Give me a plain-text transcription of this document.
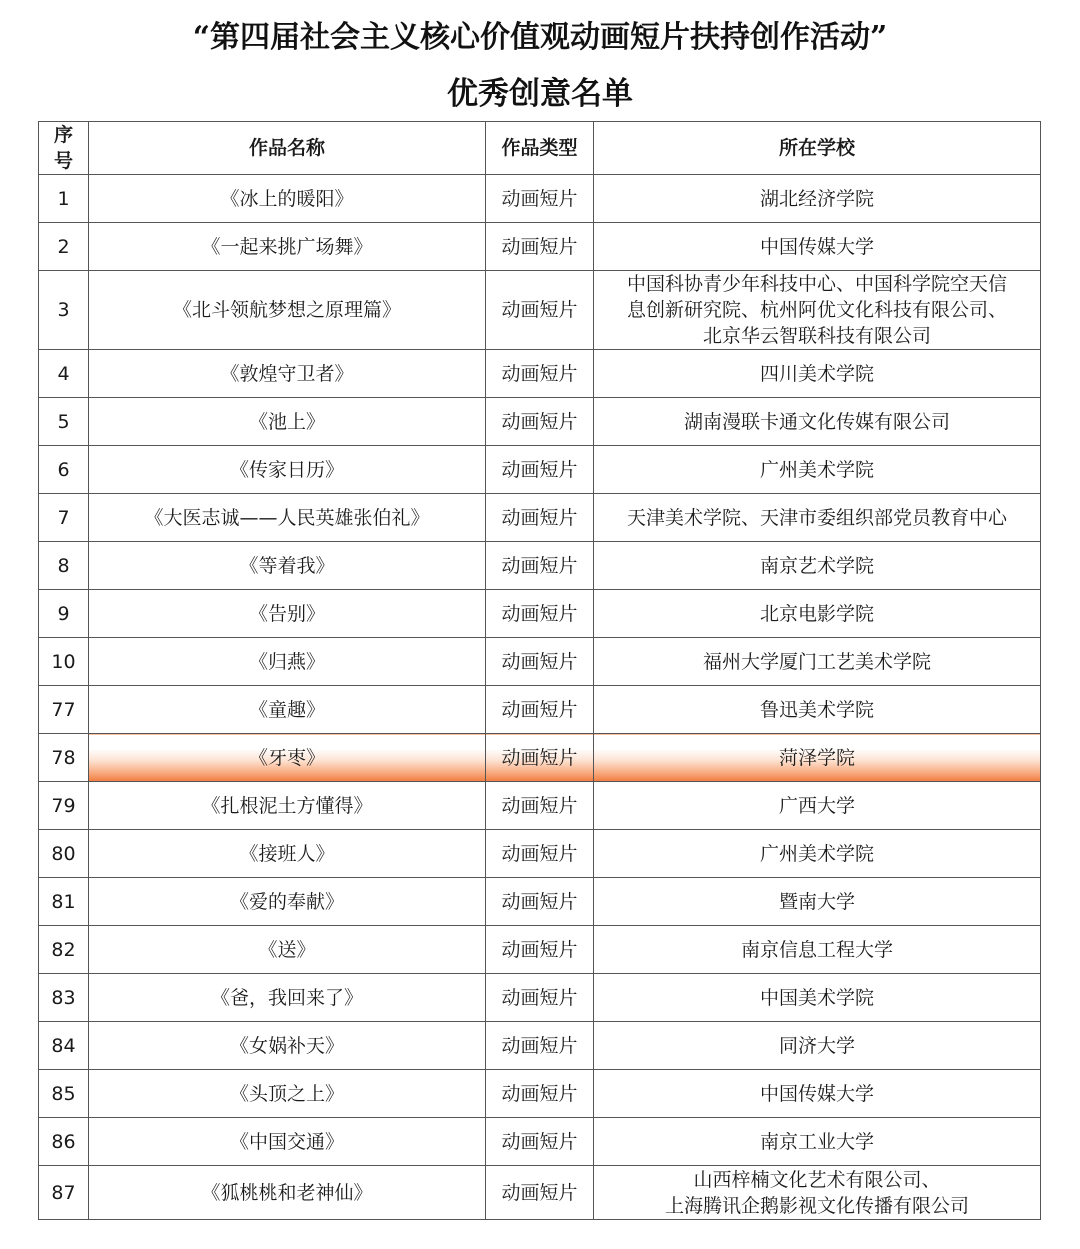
“第四届社会主义核心价值观动画短片扶持创作活动”
优秀创意名单
序号	作品名称	作品类型	所在学校
1	《冰上的暖阳》	动画短片	湖北经济学院

2	《一起来挑广场舞》	动画短片	中国传媒大学

3	《北斗领航梦想之原理篇》	动画短片	中国科协青少年科技中心、中国科学院空天信
息创新研究院、杭州阿优文化科技有限公司、
北京华云智联科技有限公司

4	《敦煌守卫者》	动画短片	四川美术学院

5	《池上》	动画短片	湖南漫联卡通文化传媒有限公司

6	《传家日历》	动画短片	广州美术学院

7	《大医志诚——人民英雄张伯礼》	动画短片	天津美术学院、天津市委组织部党员教育中心

8	《等着我》	动画短片	南京艺术学院

9	《告别》	动画短片	北京电影学院

10	《归燕》	动画短片	福州大学厦门工艺美术学院

77	《童趣》	动画短片	鲁迅美术学院

78	《牙枣》	动画短片	菏泽学院

79	《扎根泥土方懂得》	动画短片	广西大学

80	《接班人》	动画短片	广州美术学院

81	《爱的奉献》	动画短片	暨南大学

82	《送》	动画短片	南京信息工程大学

83	《爸，我回来了》	动画短片	中国美术学院

84	《女娲补天》	动画短片	同济大学

85	《头顶之上》	动画短片	中国传媒大学

86	《中国交通》	动画短片	南京工业大学

87	《狐桃桃和老神仙》	动画短片	山西梓楠文化艺术有限公司、
上海腾讯企鹅影视文化传播有限公司
